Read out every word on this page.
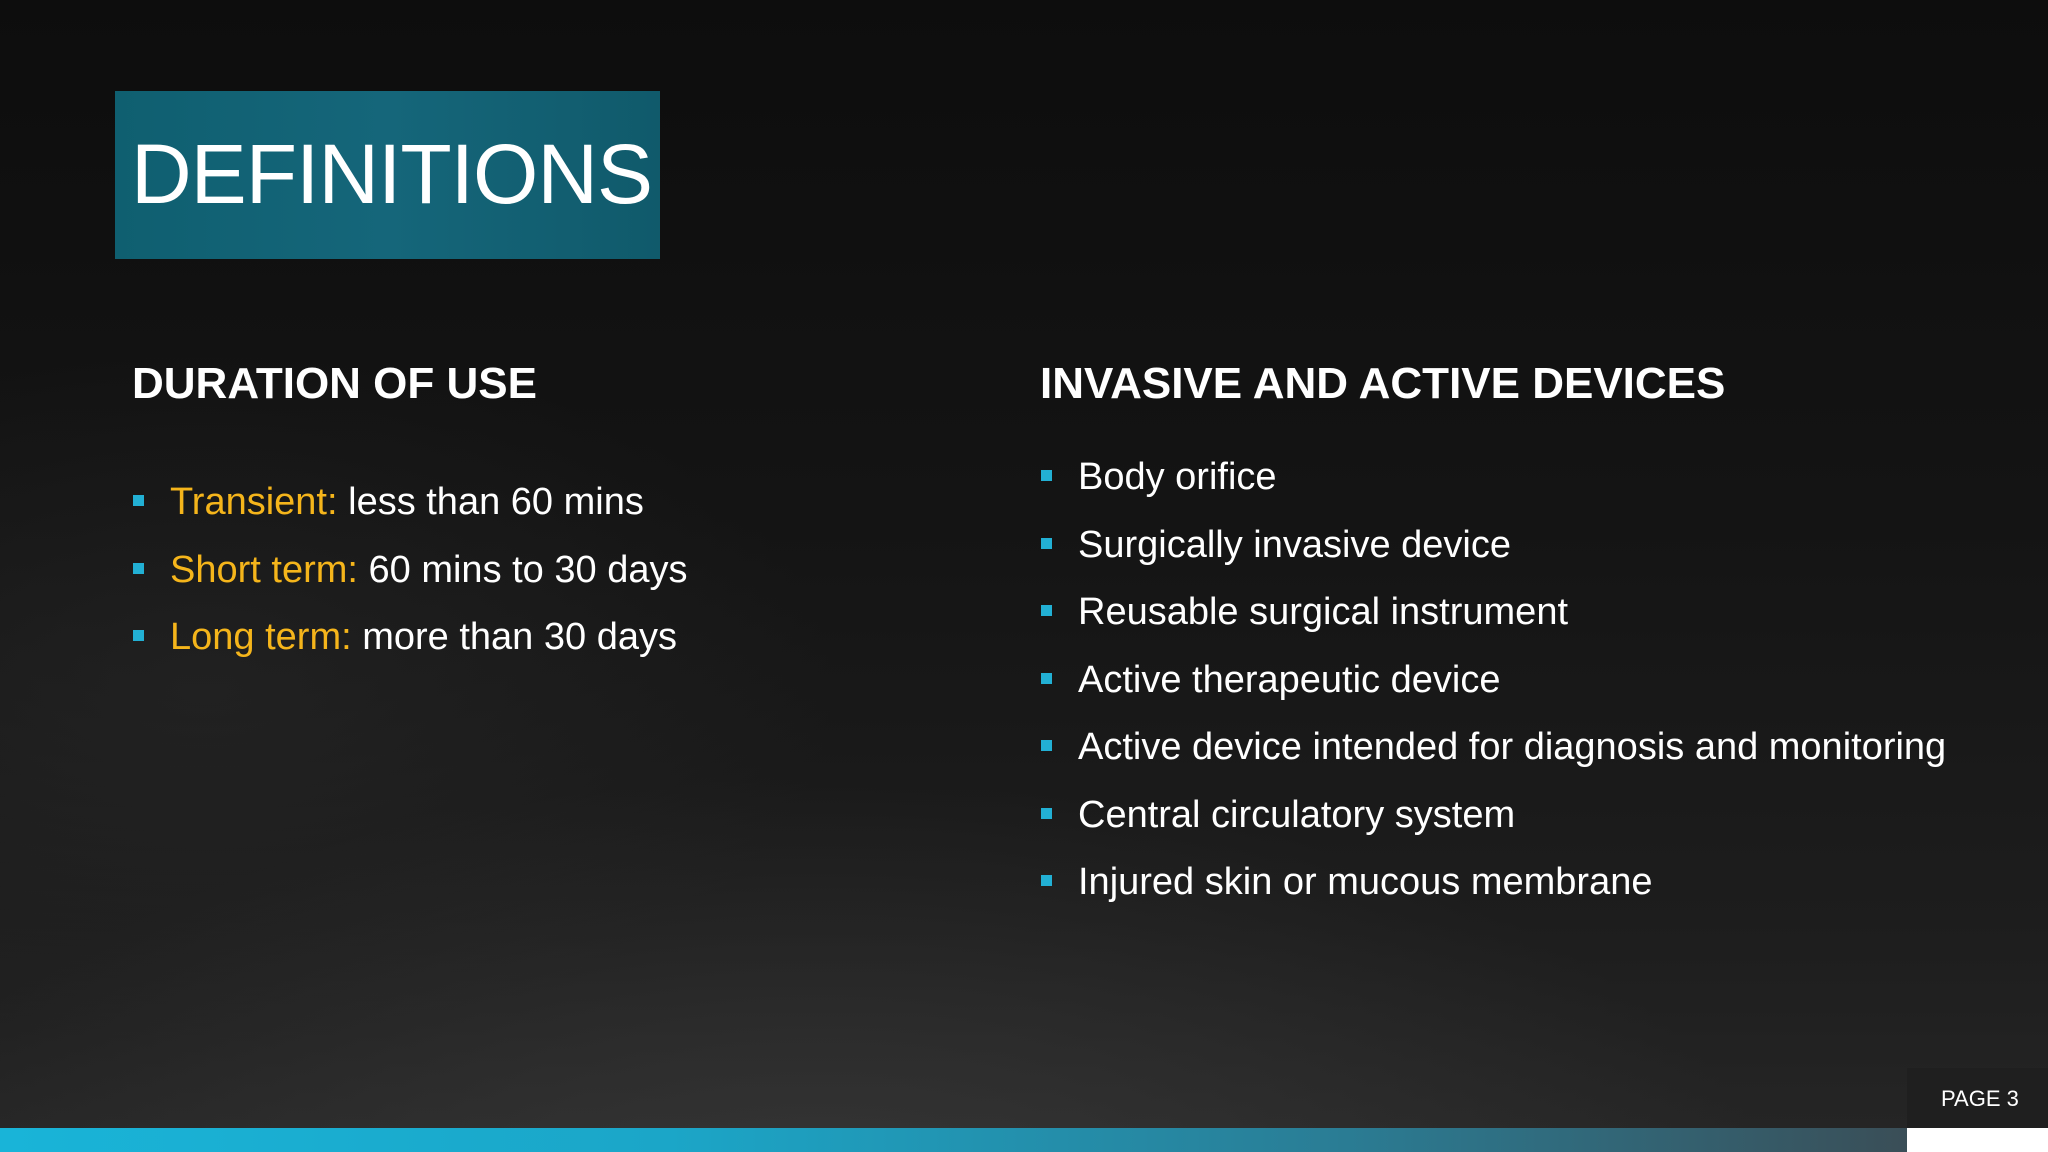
DEFINITIONS
DURATION OF USE	INVASIVE AND ACTIVE DEVICES
Transient: less than 60 mins
Short term: 60 mins to 30 days
Long term: more than 30 days
Body orifice
Surgically invasive device
Reusable surgical instrument
Active therapeutic device
Active device intended for diagnosis and monitoring
Central circulatory system
Injured skin or mucous membrane
PAGE 3
